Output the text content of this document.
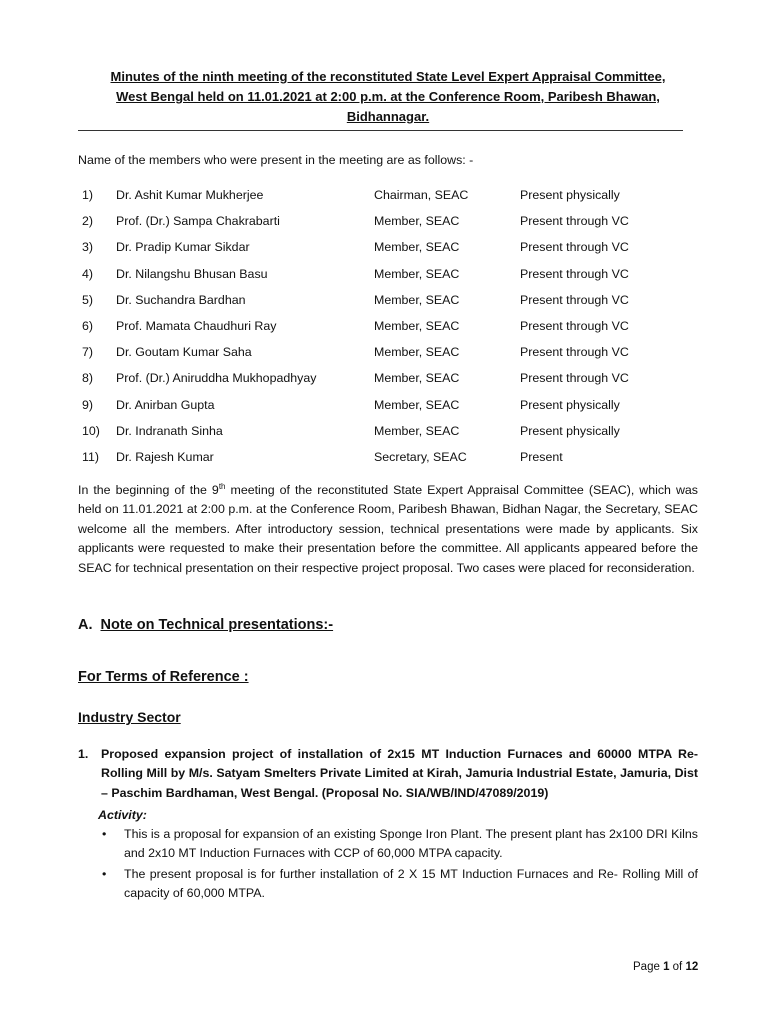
Minutes of the ninth meeting of the reconstituted State Level Expert Appraisal Committee,
West Bengal held on 11.01.2021 at 2:00 p.m. at the Conference Room, Paribesh Bhawan,
Bidhannagar.
Name of the members who were present in the meeting are as follows: -
1) Dr. Ashit Kumar Mukherjee	Chairman, SEAC	Present physically
2) Prof. (Dr.) Sampa Chakrabarti	Member, SEAC	Present through VC
3) Dr. Pradip Kumar Sikdar	Member, SEAC	Present through VC
4) Dr. Nilangshu Bhusan Basu	Member, SEAC	Present through VC
5) Dr. Suchandra Bardhan	Member, SEAC	Present through VC
6) Prof. Mamata Chaudhuri Ray	Member, SEAC	Present through VC
7) Dr. Goutam Kumar Saha	Member, SEAC	Present through VC
8) Prof. (Dr.) Aniruddha Mukhopadhyay	Member, SEAC	Present through VC
9) Dr. Anirban Gupta	Member, SEAC	Present physically
10) Dr. Indranath Sinha	Member, SEAC	Present physically
11) Dr. Rajesh Kumar	Secretary, SEAC	Present
In the beginning of the 9th meeting of the reconstituted State Expert Appraisal Committee (SEAC), which was held on 11.01.2021 at 2:00 p.m. at the Conference Room, Paribesh Bhawan, Bidhan Nagar, the Secretary, SEAC welcome all the members. After introductory session, technical presentations were made by applicants. Six applicants were requested to make their presentation before the committee. All applicants appeared before the SEAC for technical presentation on their respective project proposal. Two cases were placed for reconsideration.
A. Note on Technical presentations:-
For Terms of Reference :
Industry Sector
1. Proposed expansion project of installation of 2x15 MT Induction Furnaces and 60000 MTPA Re-Rolling Mill by M/s. Satyam Smelters Private Limited at Kirah, Jamuria Industrial Estate, Jamuria, Dist – Paschim Bardhaman, West Bengal. (Proposal No. SIA/WB/IND/47089/2019)
Activity:
• This is a proposal for expansion of an existing Sponge Iron Plant. The present plant has 2x100 DRI Kilns and 2x10 MT Induction Furnaces with CCP of 60,000 MTPA capacity.
• The present proposal is for further installation of 2 X 15 MT Induction Furnaces and Re- Rolling Mill of capacity of 60,000 MTPA.
Page 1 of 12
